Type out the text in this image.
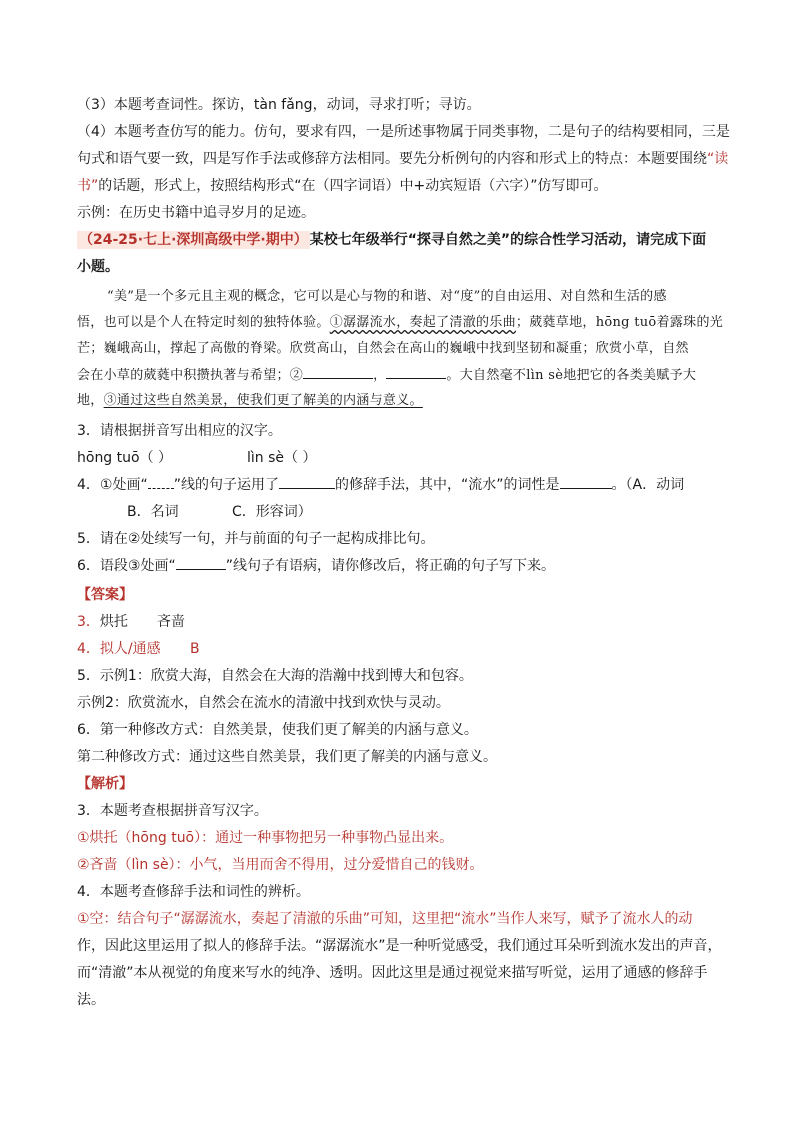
（3）本题考查词性。探访，tàn fǎng，动词，寻求打听；寻访。
（4）本题考查仿写的能力。仿句，要求有四，一是所述事物属于同类事物，二是句子的结构要相同，三是
句式和语气要一致，四是写作手法或修辞方法相同。要先分析例句的内容和形式上的特点：本题要围绕“读
书”的话题，形式上，按照结构形式“在（四字词语）中+动宾短语（六字）”仿写即可。
示例：在历史书籍中追寻岁月的足迹。
（24-25·七上·深圳高级中学·期中） 某校七年级举行“探寻自然之美”的综合性学习活动，请完成下面
小题。
“美”是一个多元且主观的概念，它可以是心与物的和谐、对“度”的自由运用、对自然和生活的感
悟，也可以是个人在特定时刻的独特体验。①潺潺流水，奏起了清澈的乐曲；葳蕤草地，hōng tuō着露珠的光
芒；巍峨高山，撑起了高傲的脊梁。欣赏高山，自然会在高山的巍峨中找到坚韧和凝重；欣赏小草，自然
会在小草的葳蕤中积攒执著与希望；②	，	。大自然毫不lìn sè地把它的各类美赋予大
地，③通过这些自然美景，使我们更了解美的内涵与意义。
3．请根据拼音写出相应的汉字。
hōng tuō（ ）	lìn sè（ ）
4．①处画“ ”线的句子运用了	的修辞手法，其中，“流水”的词性是	。（A．动词
B．名词	C．形容词）
5．请在②处续写一句，并与前面的句子一起构成排比句。
6．语段③处画“	”线句子有语病，请你修改后，将正确的句子写下来。
【答案】
3．烘托 吝啬
4．拟人/通感 B
5．示例1：欣赏大海，自然会在大海的浩瀚中找到博大和包容。
示例2：欣赏流水，自然会在流水的清澈中找到欢快与灵动。
6．第一种修改方式：自然美景，使我们更了解美的内涵与意义。
第二种修改方式：通过这些自然美景，我们更了解美的内涵与意义。
【解析】
3．本题考查根据拼音写汉字。
①烘托（hōng tuō）：通过一种事物把另一种事物凸显出来。
②吝啬（lìn sè）：小气，当用而舍不得用，过分爱惜自己的钱财。
4．本题考查修辞手法和词性的辨析。
①空：结合句子“潺潺流水，奏起了清澈的乐曲”可知，这里把“流水”当作人来写，赋予了流水人的动
作，因此这里运用了拟人的修辞手法。“潺潺流水”是一种听觉感受，我们通过耳朵听到流水发出的声音，
而“清澈”本从视觉的角度来写水的纯净、透明。因此这里是通过视觉来描写听觉，运用了通感的修辞手
法。
